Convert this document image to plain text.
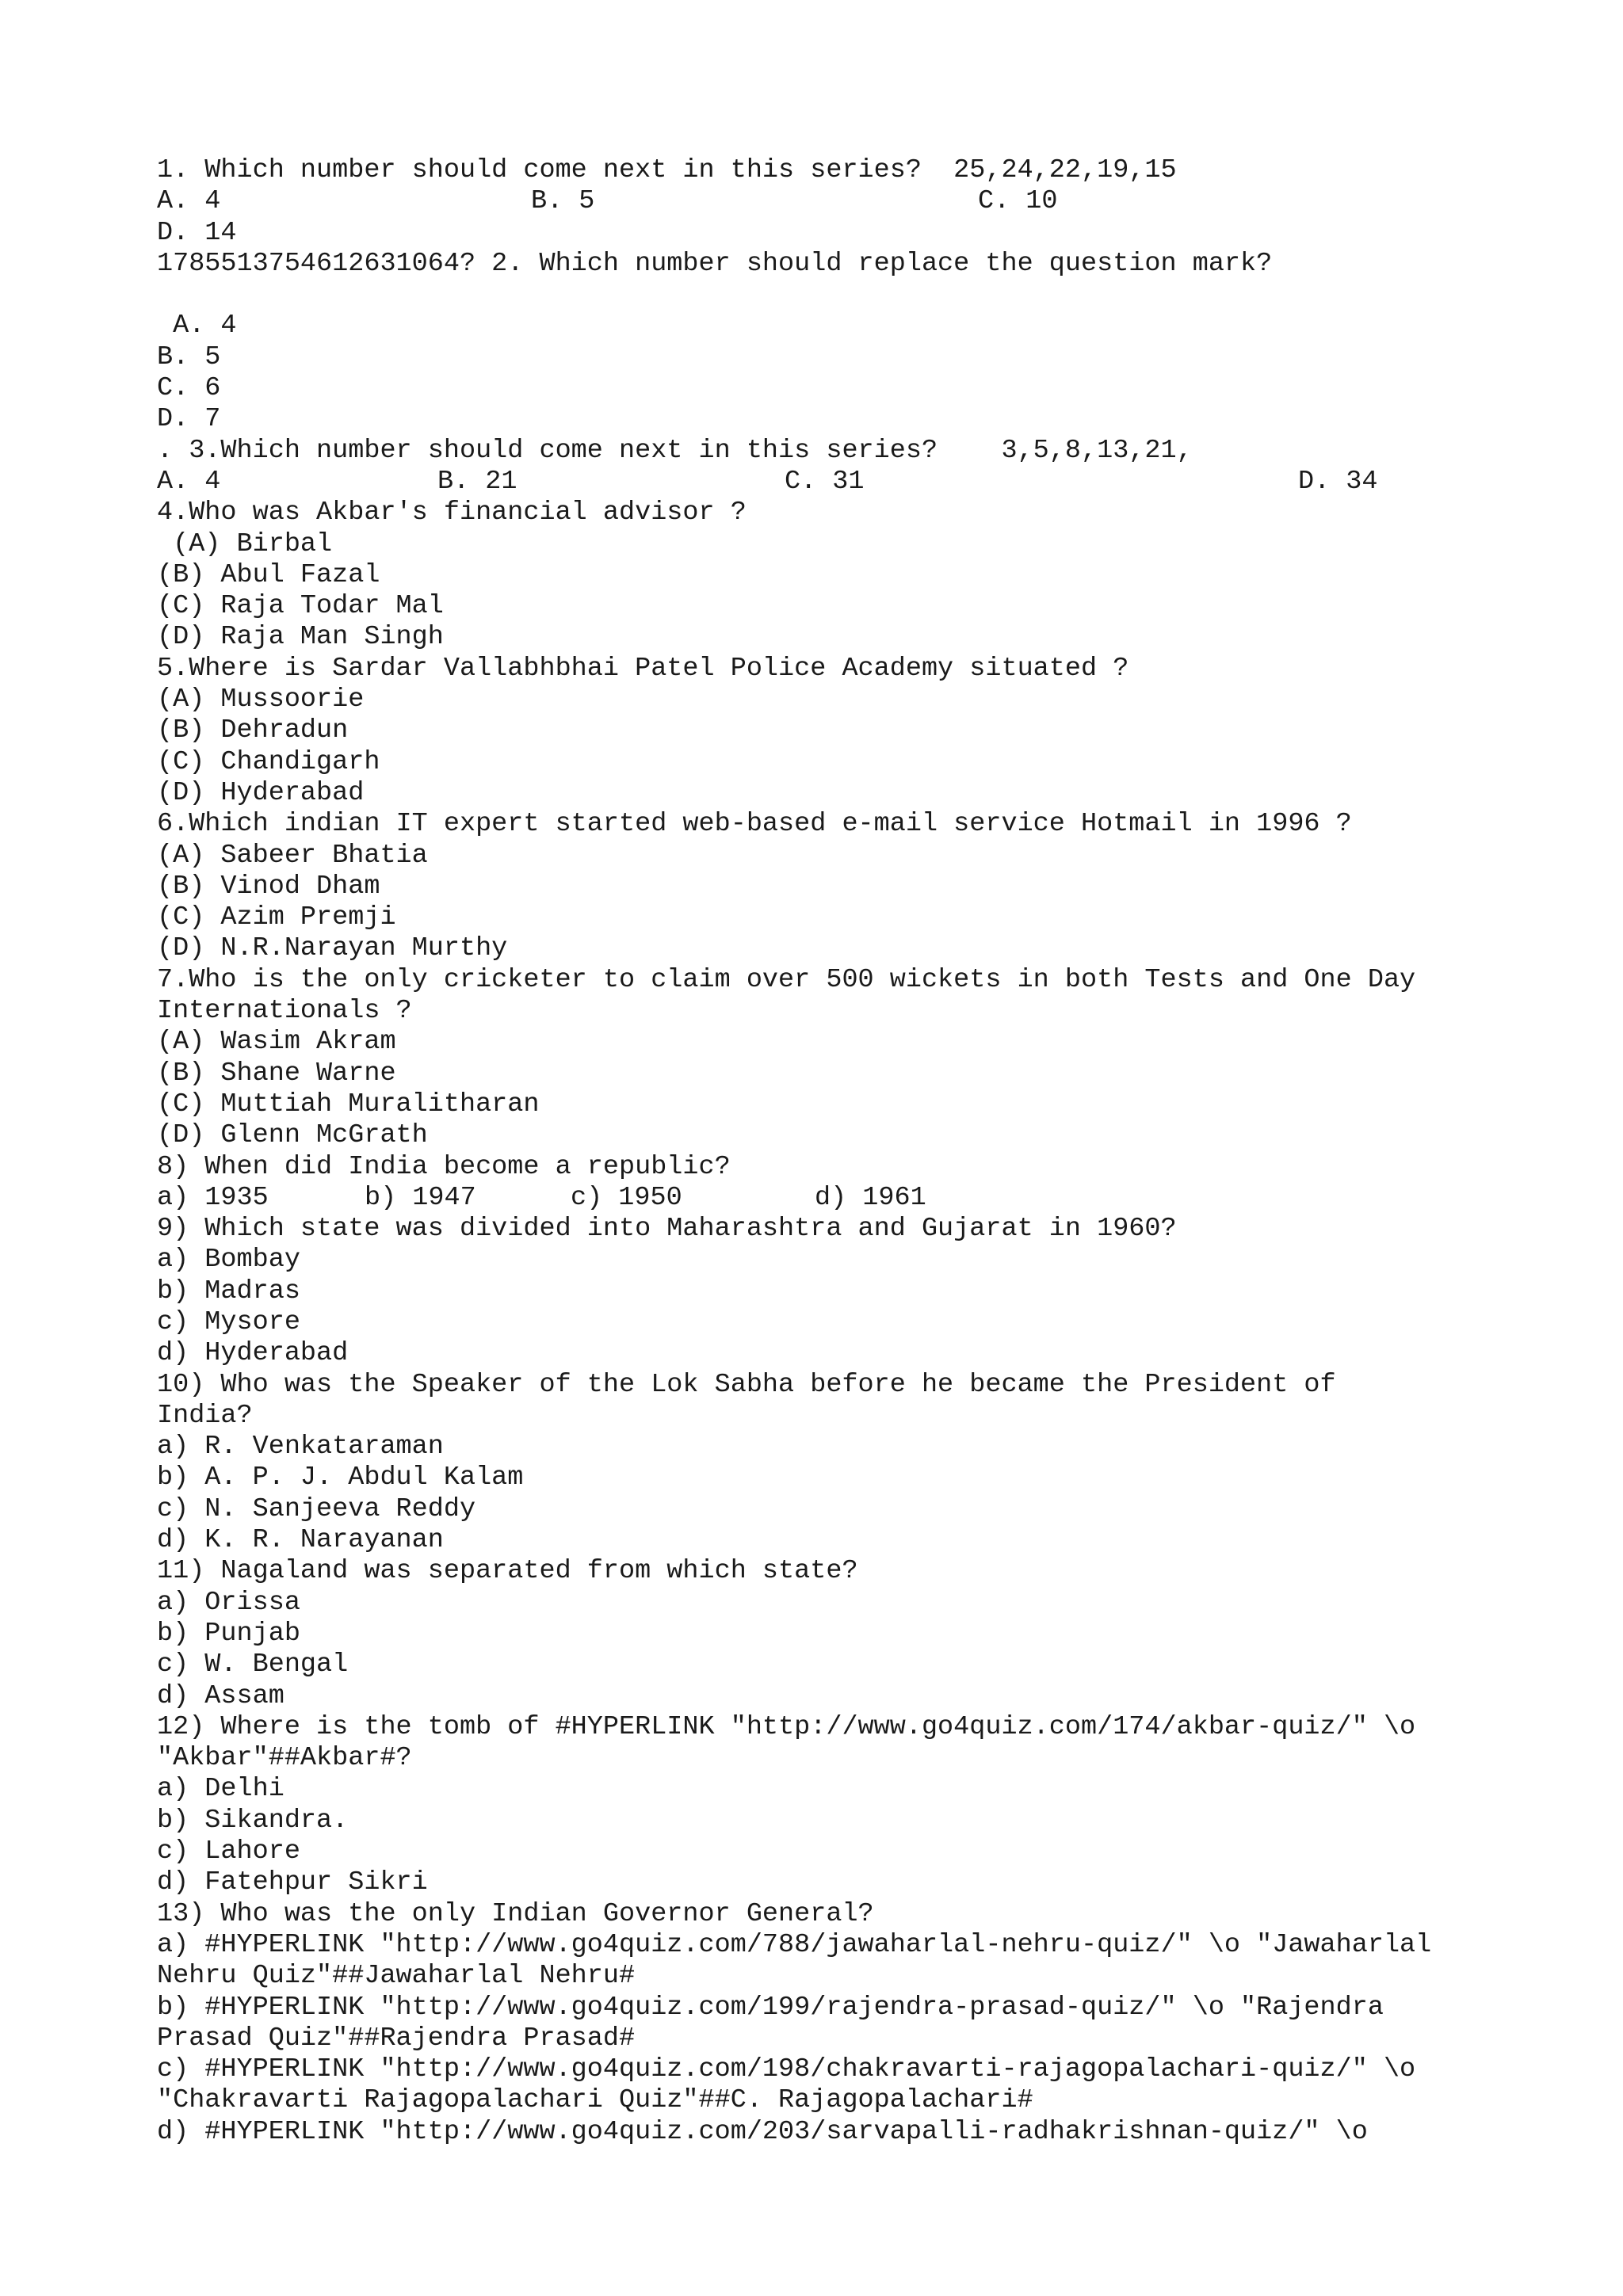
1. Which number should come next in this series?  25,24,22,19,15

A. 4

	B. 5

	C. 10

D. 14
1785513754612631064? 2. Which number should replace the question mark?
A. 4
B. 5
C. 6
D. 7
. 3.Which number should come next in this series?    3,5,8,13,21,

A. 4

	B. 21

	C. 31

	D. 34

4.Who was Akbar's financial advisor ?
(A) Birbal
(B) Abul Fazal
(C) Raja Todar Mal
(D) Raja Man Singh
5.Where is Sardar Vallabhbhai Patel Police Academy situated ?
(A) Mussoorie
(B) Dehradun
(C) Chandigarh
(D) Hyderabad
6.Which indian IT expert started web-based e-mail service Hotmail in 1996 ?
(A) Sabeer Bhatia
(B) Vinod Dham
(C) Azim Premji
(D) N.R.Narayan Murthy
7.Who is the only cricketer to claim over 500 wickets in both Tests and One Day
Internationals ?
(A) Wasim Akram
(B) Shane Warne
(C) Muttiah Muralitharan
(D) Glenn McGrath
8) When did India become a republic?

a) 1935

	b) 1947

	c) 1950

	d) 1961

9) Which state was divided into Maharashtra and Gujarat in 1960?
a) Bombay
b) Madras
c) Mysore
d) Hyderabad
10) Who was the Speaker of the Lok Sabha before he became the President of
India?
a) R. Venkataraman
b) A. P. J. Abdul Kalam
c) N. Sanjeeva Reddy
d) K. R. Narayanan
11) Nagaland was separated from which state?
a) Orissa
b) Punjab
c) W. Bengal
d) Assam
12) Where is the tomb of #HYPERLINK "http://www.go4quiz.com/174/akbar-quiz/" \o
"Akbar"##Akbar#?
a) Delhi
b) Sikandra.
c) Lahore
d) Fatehpur Sikri
13) Who was the only Indian Governor General?
a) #HYPERLINK "http://www.go4quiz.com/788/jawaharlal-nehru-quiz/" \o "Jawaharlal
Nehru Quiz"##Jawaharlal Nehru#
b) #HYPERLINK "http://www.go4quiz.com/199/rajendra-prasad-quiz/" \o "Rajendra
Prasad Quiz"##Rajendra Prasad#
c) #HYPERLINK "http://www.go4quiz.com/198/chakravarti-rajagopalachari-quiz/" \o
"Chakravarti Rajagopalachari Quiz"##C. Rajagopalachari#
d) #HYPERLINK "http://www.go4quiz.com/203/sarvapalli-radhakrishnan-quiz/" \o
